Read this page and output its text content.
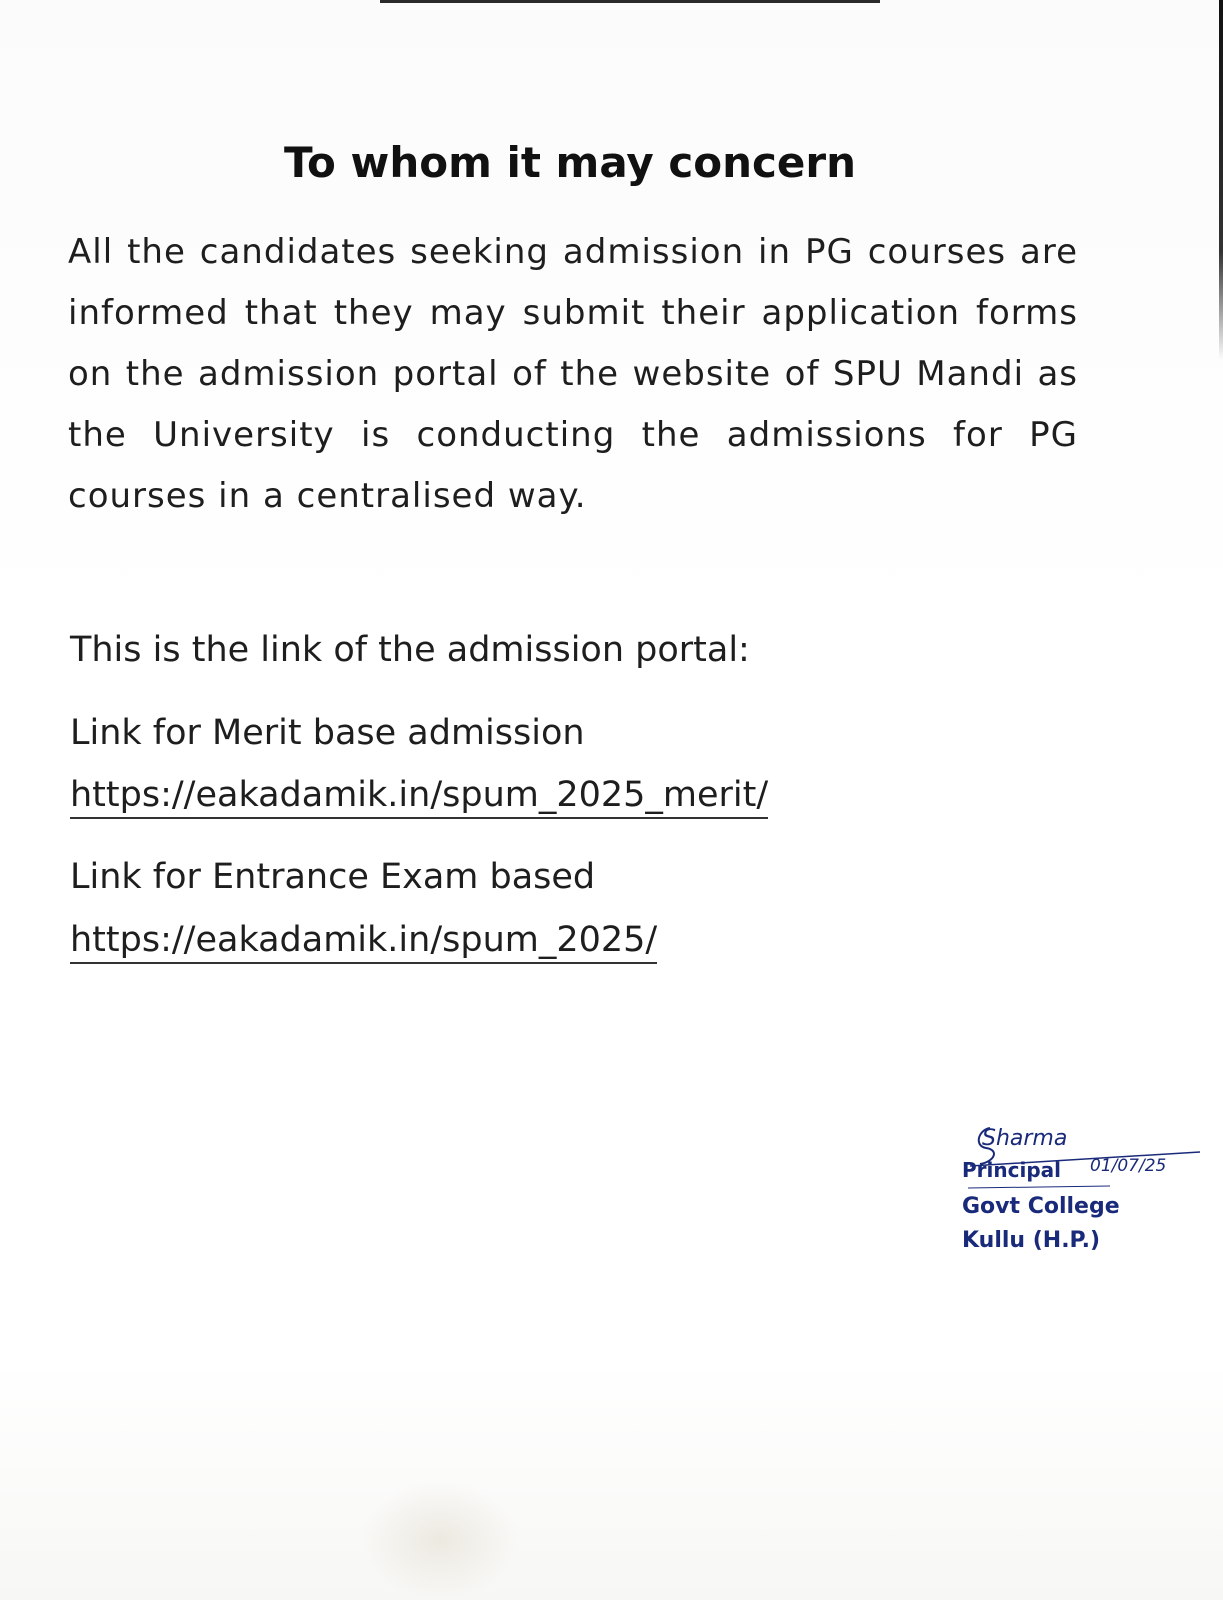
To whom it may concern

All the candidates seeking admission in PG courses are informed that they may submit their application forms on the admission portal of the website of SPU Mandi as the University is conducting the admissions for PG courses in a centralised way.

This is the link of the admission portal:

Link for Merit base admission

https://eakadamik.in/spum_2025_merit/

Link for Entrance Exam based

https://eakadamik.in/spum_2025/

Sharma

Principal 01/07/25

Govt College

Kullu (H.P.)
